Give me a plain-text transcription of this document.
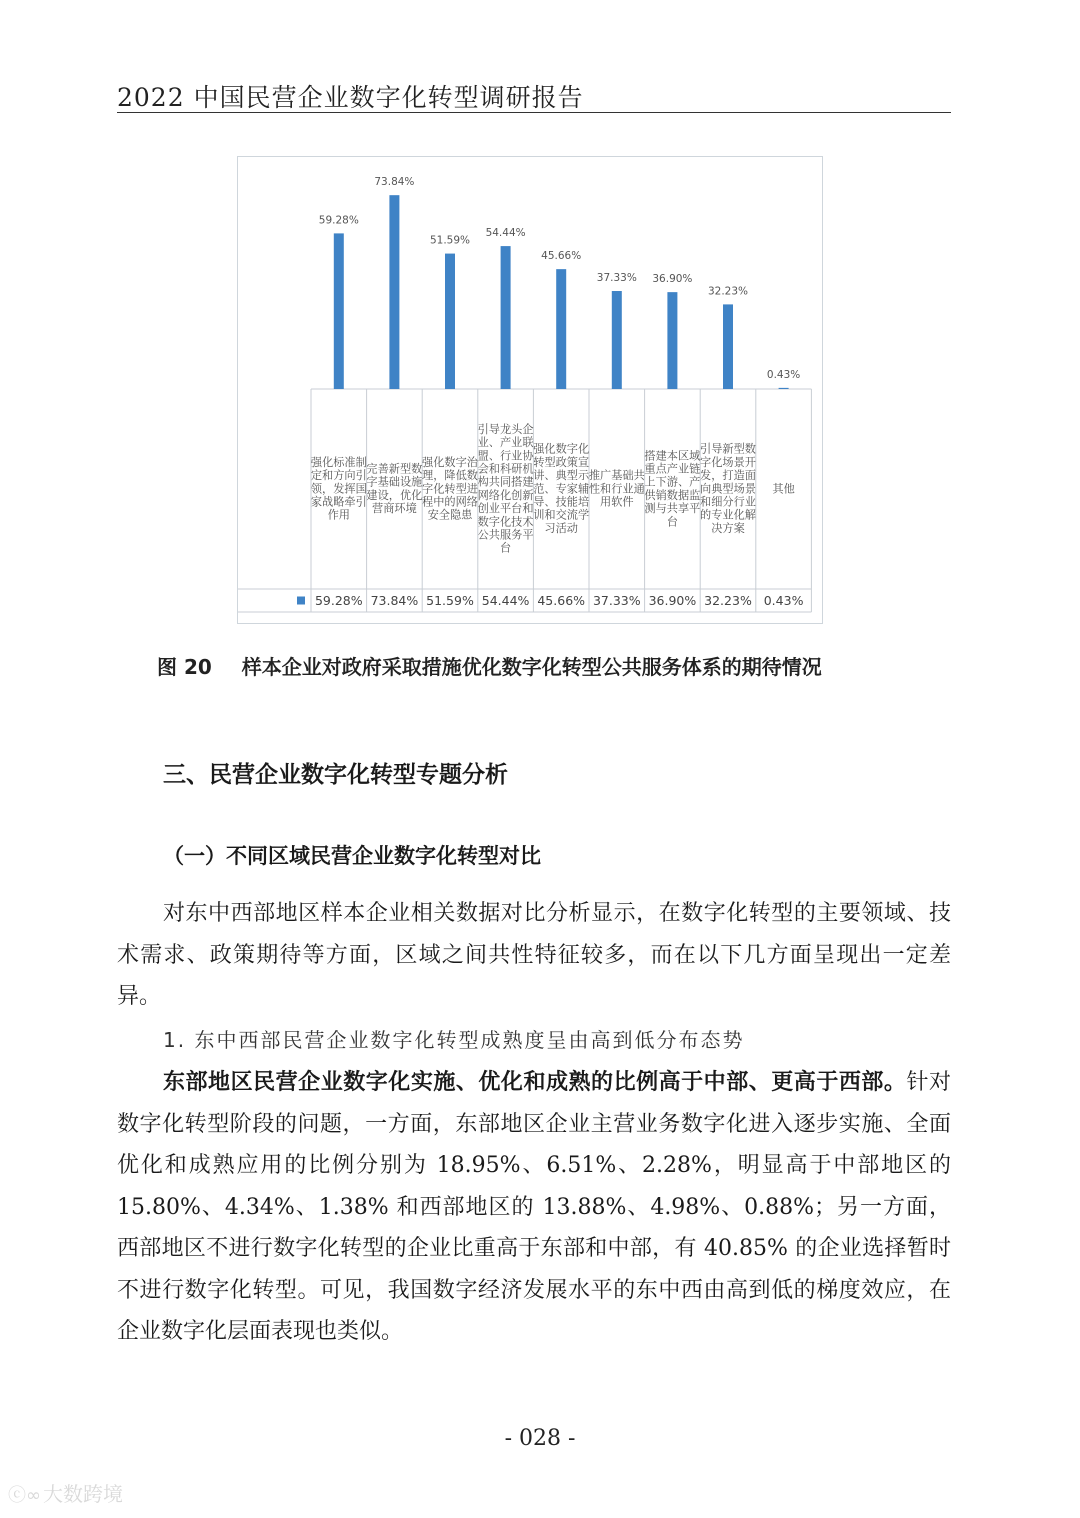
2022 中国民营企业数字化转型调研报告
59.28%
73.84%
51.59%
54.44%
45.66%
37.33% 36.90%
32.23%
0.43%
强化标准制定和方向引领，发挥国家战略牵引作用
完善新型数字基础设施建设，优化营商环境
强化数字治理，降低数字化转型进程中的网络安全隐患
引导龙头企业、产业联盟、行业协会和科研机构共同搭建网络化创新创业平台和数字化技术公共服务平台
强化数字化转型政策宣讲、典型示范、专家辅导、技能培训和交流学习活动
推广基础共性和行业通用软件
搭建本区域重点产业链上下游、产供销数据监测与共享平台
引导新型数字化场景开发，打造面向典型场景和细分行业的专业化解决方案
其他
59.28% 73.84% 51.59% 54.44% 45.66% 37.33% 36.90% 32.23% 0.43%
图 20 样本企业对政府采取措施优化数字化转型公共服务体系的期待情况
三、民营企业数字化转型专题分析
（一）不同区域民营企业数字化转型对比

对东中西部地区样本企业相关数据对比分析显示，在数字化转型的主要领域、技术需求、政策期待等方面，区域之间共性特征较多，而在以下几方面呈现出一定差异。

1. 东中西部民营企业数字化转型成熟度呈由高到低分布态势

东部地区民营企业数字化实施、优化和成熟的比例高于中部、更高于西部。针对数字化转型阶段的问题，一方面，东部地区企业主营业务数字化进入逐步实施、全面优化和成熟应用的比例分别为 18.95%、6.51%、2.28%，明显高于中部地区的 15.80%、4.34%、1.38% 和西部地区的 13.88%、4.98%、0.88%；另一方面，西部地区不进行数字化转型的企业比重高于东部和中部，有 40.85% 的企业选择暂时不进行数字化转型。可见，我国数字经济发展水平的东中西由高到低的梯度效应，在企业数字化层面表现也类似。

- 028 -
ⓒ∞ 大数跨境
